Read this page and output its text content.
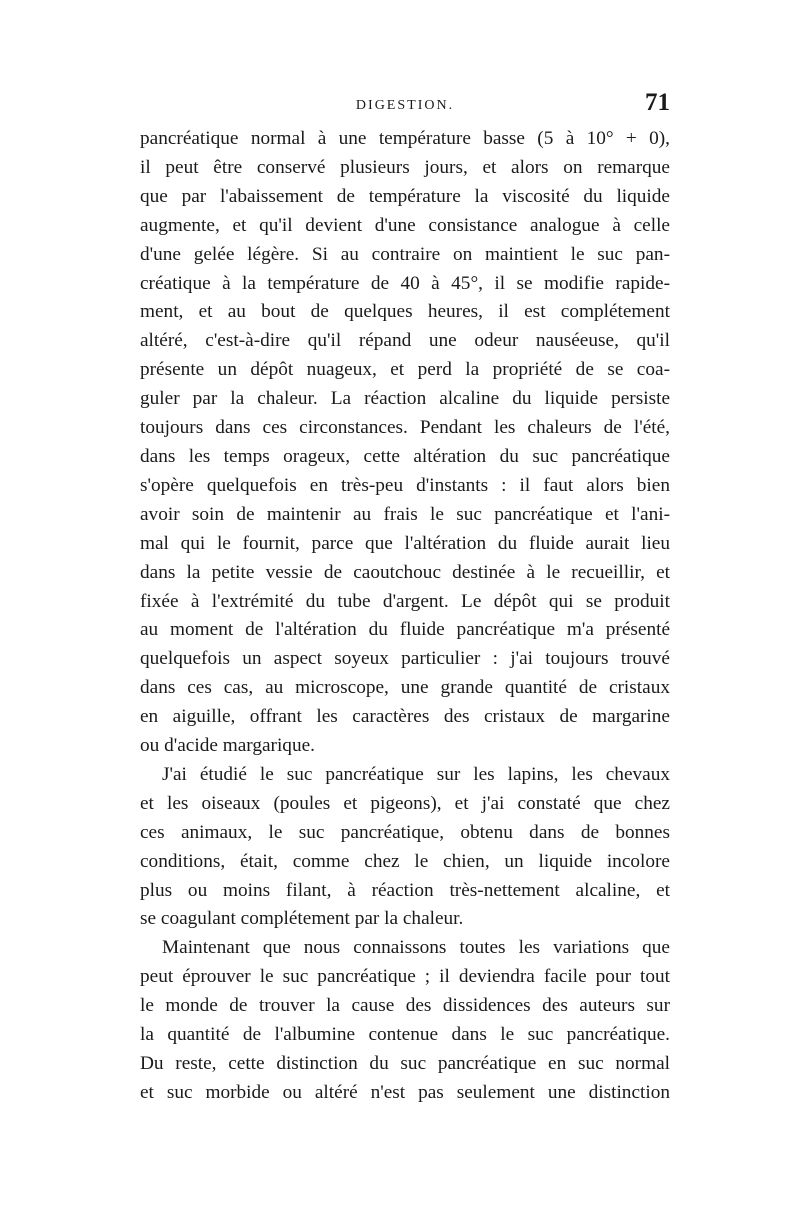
DIGESTION.	71
pancréatique normal à une température basse (5 à 10° + 0),
il peut être conservé plusieurs jours, et alors on remarque
que par l'abaissement de température la viscosité du liquide
augmente, et qu'il devient d'une consistance analogue à celle
d'une gelée légère. Si au contraire on maintient le suc pan-
créatique à la température de 40 à 45°, il se modifie rapide-
ment, et au bout de quelques heures, il est complétement
altéré, c'est-à-dire qu'il répand une odeur nauséeuse, qu'il
présente un dépôt nuageux, et perd la propriété de se coa-
guler par la chaleur. La réaction alcaline du liquide persiste
toujours dans ces circonstances. Pendant les chaleurs de l'été,
dans les temps orageux, cette altération du suc pancréatique
s'opère quelquefois en très-peu d'instants : il faut alors bien
avoir soin de maintenir au frais le suc pancréatique et l'ani-
mal qui le fournit, parce que l'altération du fluide aurait lieu
dans la petite vessie de caoutchouc destinée à le recueillir, et
fixée à l'extrémité du tube d'argent. Le dépôt qui se produit
au moment de l'altération du fluide pancréatique m'a présenté
quelquefois un aspect soyeux particulier : j'ai toujours trouvé
dans ces cas, au microscope, une grande quantité de cristaux
en aiguille, offrant les caractères des cristaux de margarine
ou d'acide margarique.
J'ai étudié le suc pancréatique sur les lapins, les chevaux
et les oiseaux (poules et pigeons), et j'ai constaté que chez
ces animaux, le suc pancréatique, obtenu dans de bonnes
conditions, était, comme chez le chien, un liquide incolore
plus ou moins filant, à réaction très-nettement alcaline, et
se coagulant complétement par la chaleur.
Maintenant que nous connaissons toutes les variations que
peut éprouver le suc pancréatique ; il deviendra facile pour tout
le monde de trouver la cause des dissidences des auteurs sur
la quantité de l'albumine contenue dans le suc pancréatique.
Du reste, cette distinction du suc pancréatique en suc normal
et suc morbide ou altéré n'est pas seulement une distinction
